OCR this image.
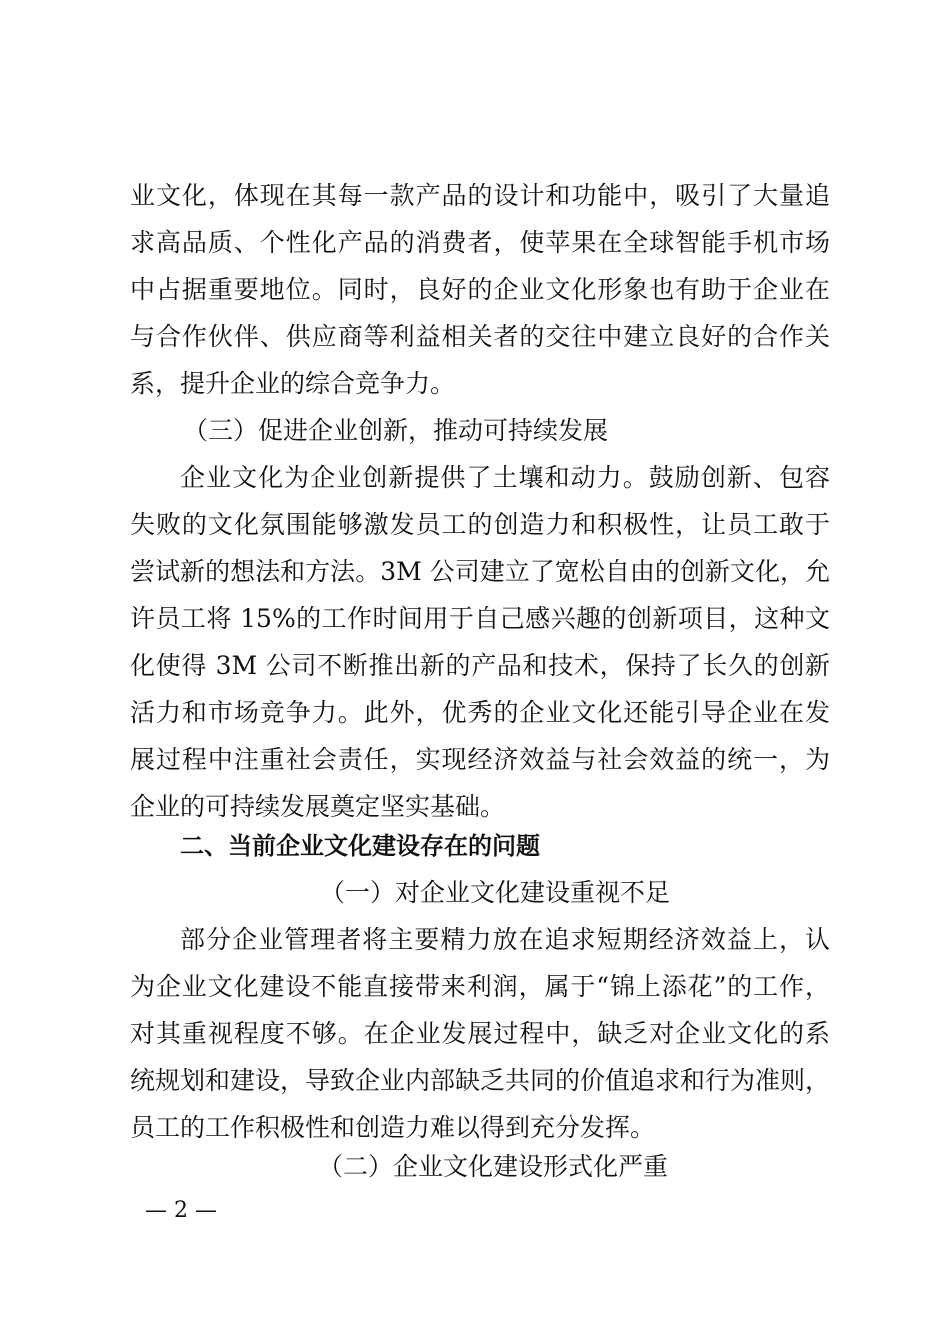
业文化，体现在其每一款产品的设计和功能中，吸引了大量追
求高品质、个性化产品的消费者，使苹果在全球智能手机市场
中占据重要地位。同时，良好的企业文化形象也有助于企业在
与合作伙伴、供应商等利益相关者的交往中建立良好的合作关
系，提升企业的综合竞争力。
（三）促进企业创新，推动可持续发展
企业文化为企业创新提供了土壤和动力。鼓励创新、包容
失败的文化氛围能够激发员工的创造力和积极性，让员工敢于
尝试新的想法和方法。3M 公司建立了宽松自由的创新文化，允
许员工将 15%的工作时间用于自己感兴趣的创新项目，这种文
化使得 3M 公司不断推出新的产品和技术，保持了长久的创新
活力和市场竞争力。此外，优秀的企业文化还能引导企业在发
展过程中注重社会责任，实现经济效益与社会效益的统一，为
企业的可持续发展奠定坚实基础。
二、当前企业文化建设存在的问题
（一）对企业文化建设重视不足
部分企业管理者将主要精力放在追求短期经济效益上，认
为企业文化建设不能直接带来利润，属于“锦上添花”的工作，
对其重视程度不够。在企业发展过程中，缺乏对企业文化的系
统规划和建设，导致企业内部缺乏共同的价值追求和行为准则，
员工的工作积极性和创造力难以得到充分发挥。
（二）企业文化建设形式化严重
— 2 —
